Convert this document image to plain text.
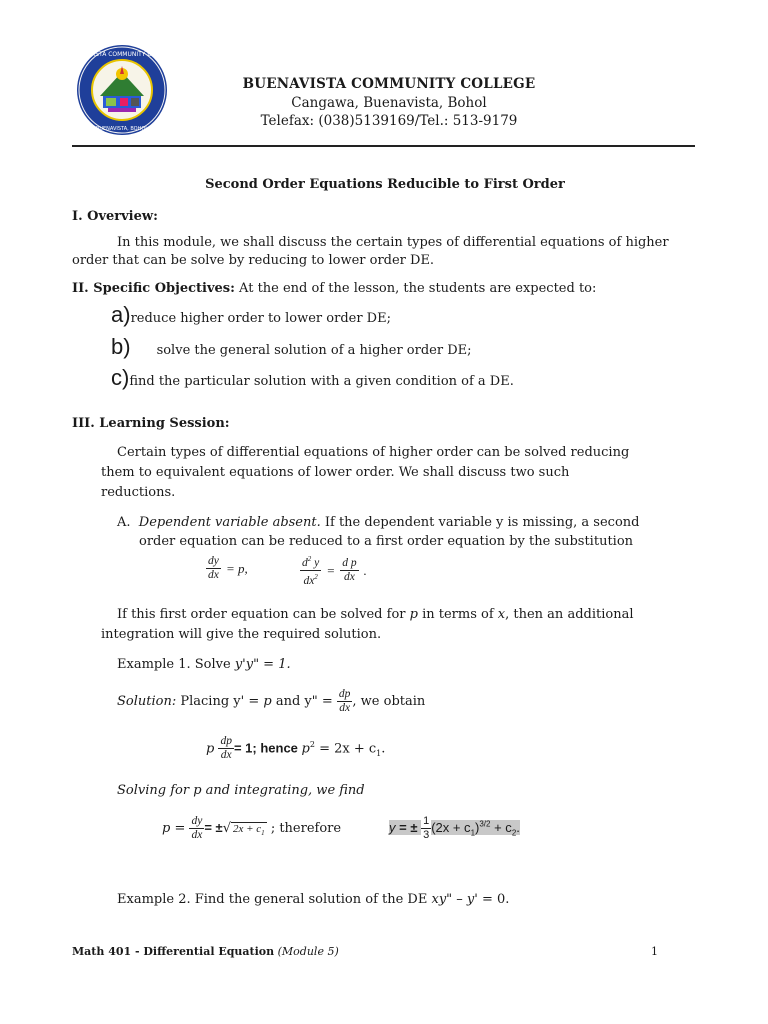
BUENAVISTA COMMUNITY COLLEGE
BUENAVISTA, BOHOL
BUENAVISTA COMMUNITY COLLEGE
Cangawa, Buenavista, Bohol
Telefax: (038)5139169/Tel.: 513-9179
Second Order Equations Reducible to First Order
I. Overview:
In this module, we shall discuss the certain types of differential equations of higher
order that can be solve by reducing to lower order DE.
II. Specific Objectives: At the end of the lesson, the students are expected to:
a)reduce higher order to lower order DE;
b) solve the general solution of a higher order DE;
c)find the particular solution with a given condition of a DE.
III. Learning Session:
Certain types of differential equations of higher order can be solved reducing
them to equivalent equations of lower order. We shall discuss two such
reductions.
A. Dependent variable absent. If the dependent variable y is missing, a second
order equation can be reduced to a first order equation by the substitution
$\frac{dy}{dx} = p$,	$\frac{d^2 y}{dx^2} = \frac{\text{d p}}{dx}$ .
If this first order equation can be solved for p in terms of x, then an additional
integration will give the required solution.
Example 1. Solve y'y" = 1.
Solution: Placing y' = p and y" = $\frac{dp}{dx}$ , we obtain
p $\frac{dp}{dx} = 1$; hence $p^2 = 2x + c_1$.
Solving for p and integrating, we find
$p = \frac{dy}{dx}$ = ±√ $2x + c_1$ ; therefore	y = ± $\frac{1}{3} (2x + c_1)^{3/2} + c_2$.
Example 2. Find the general solution of the DE xy" – y' = 0.
Math 401 - Differential Equation (Module 5)	1
